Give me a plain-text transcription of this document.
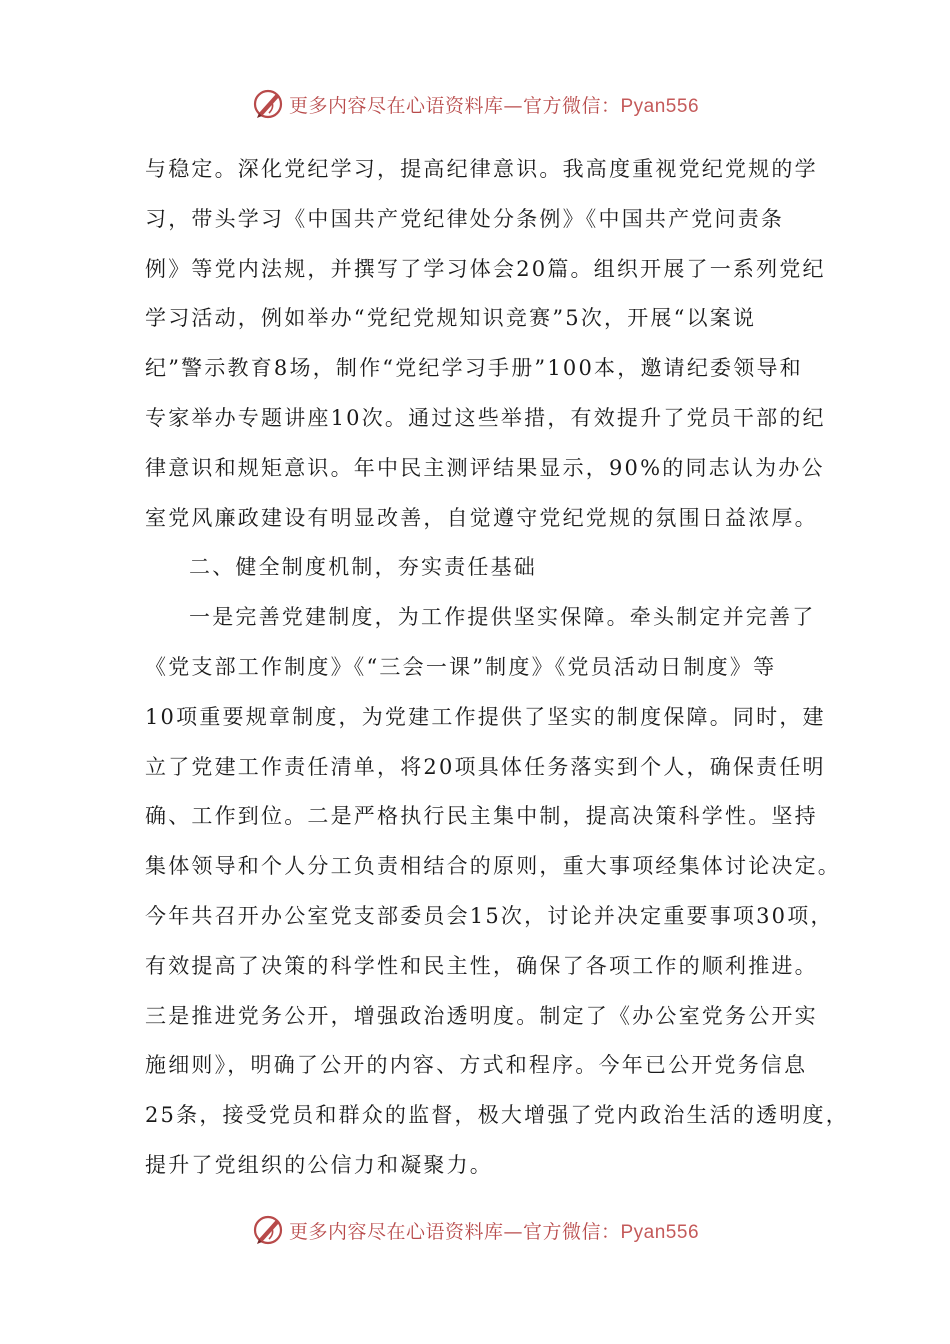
更多内容尽在心语资料库—官方微信：Pyan556
与稳定。深化党纪学习，提高纪律意识。我高度重视党纪党规的学
习，带头学习《中国共产党纪律处分条例》《中国共产党问责条
例》等党内法规，并撰写了学习体会20篇。组织开展了一系列党纪
学习活动，例如举办“党纪党规知识竞赛”5次，开展“以案说
纪”警示教育8场，制作“党纪学习手册”100本，邀请纪委领导和
专家举办专题讲座10次。通过这些举措，有效提升了党员干部的纪
律意识和规矩意识。年中民主测评结果显示，90%的同志认为办公
室党风廉政建设有明显改善，自觉遵守党纪党规的氛围日益浓厚。
二、健全制度机制，夯实责任基础
一是完善党建制度，为工作提供坚实保障。牵头制定并完善了
《党支部工作制度》《“三会一课”制度》《党员活动日制度》等
10项重要规章制度，为党建工作提供了坚实的制度保障。同时，建
立了党建工作责任清单，将20项具体任务落实到个人，确保责任明
确、工作到位。二是严格执行民主集中制，提高决策科学性。坚持
集体领导和个人分工负责相结合的原则，重大事项经集体讨论决定。
今年共召开办公室党支部委员会15次，讨论并决定重要事项30项，
有效提高了决策的科学性和民主性，确保了各项工作的顺利推进。
三是推进党务公开，增强政治透明度。制定了《办公室党务公开实
施细则》，明确了公开的内容、方式和程序。今年已公开党务信息
25条，接受党员和群众的监督，极大增强了党内政治生活的透明度，
提升了党组织的公信力和凝聚力。
更多内容尽在心语资料库—官方微信：Pyan556
